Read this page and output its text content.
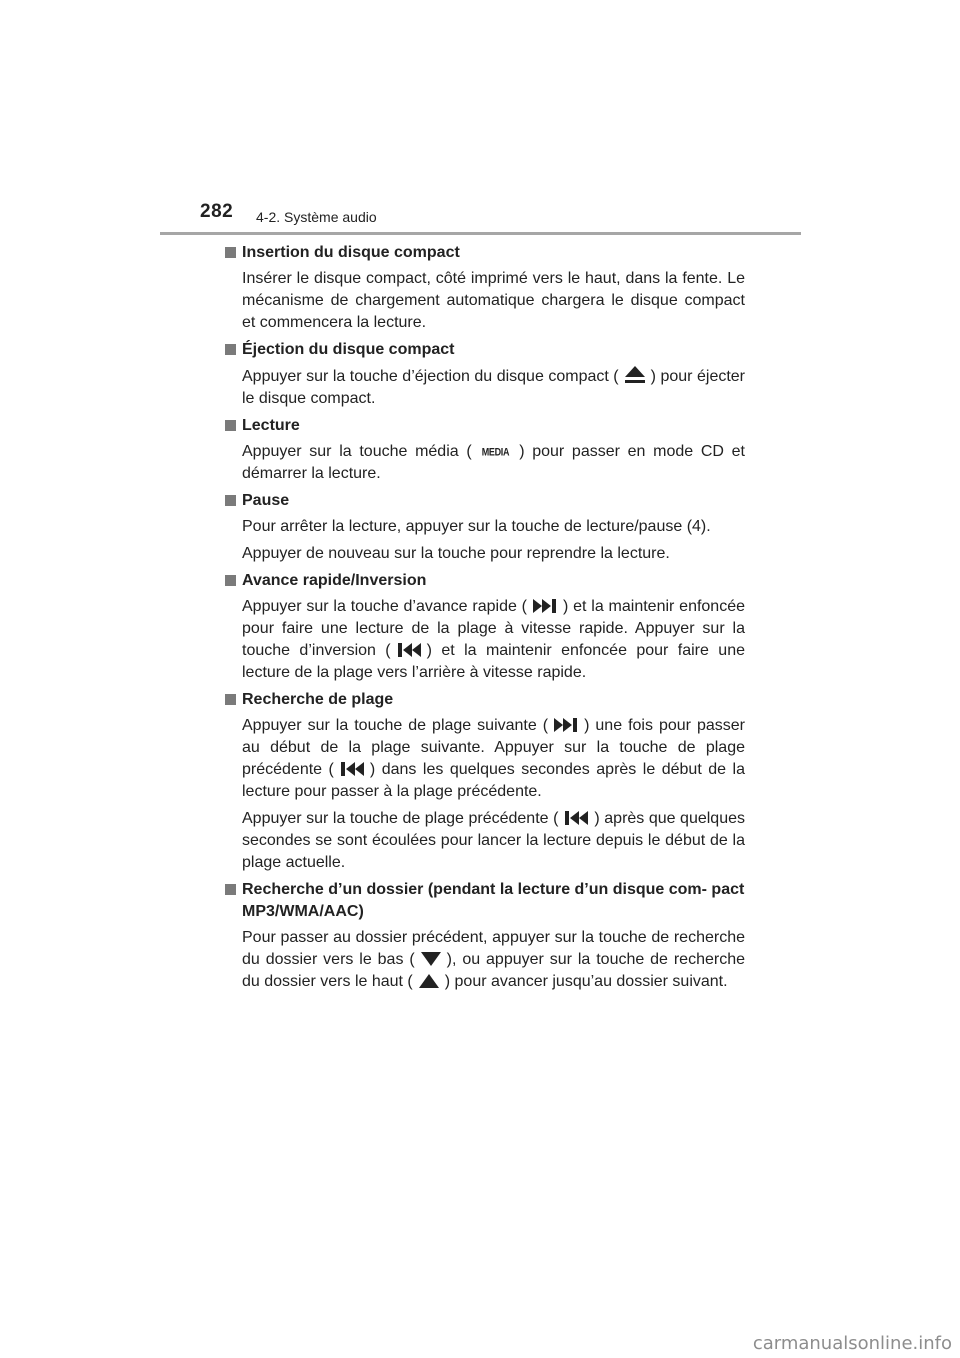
282 4-2. Système audio
Insertion du disque compact
Insérer le disque compact, côté imprimé vers le haut, dans la fente. Le mécanisme de chargement automatique chargera le disque compact et commencera la lecture.
Éjection du disque compact
Appuyer sur la touche d’éjection du disque compact ( ) pour éjecter le disque compact.
Lecture
Appuyer sur la touche média ( MEDIA ) pour passer en mode CD et démarrer la lecture.
Pause
Pour arrêter la lecture, appuyer sur la touche de lecture/pause (4).
Appuyer de nouveau sur la touche pour reprendre la lecture.
Avance rapide/Inversion
Appuyer sur la touche d’avance rapide ( ) et la maintenir enfoncée pour faire une lecture de la plage à vitesse rapide. Appuyer sur la touche d’inversion ( ) et la maintenir enfoncée pour faire une lecture de la plage vers l’arrière à vitesse rapide.
Recherche de plage
Appuyer sur la touche de plage suivante ( ) une fois pour passer au début de la plage suivante. Appuyer sur la touche de plage précédente ( ) dans les quelques secondes après le début de la lecture pour passer à la plage précédente.
Appuyer sur la touche de plage précédente ( ) après que quelques secondes se sont écoulées pour lancer la lecture depuis le début de la plage actuelle.
Recherche d’un dossier (pendant la lecture d’un disque com- pact MP3/WMA/AAC)
Pour passer au dossier précédent, appuyer sur la touche de recherche du dossier vers le bas ( ), ou appuyer sur la touche de recherche du dossier vers le haut ( ) pour avancer jusqu’au dossier suivant.
carmanualsonline.info
